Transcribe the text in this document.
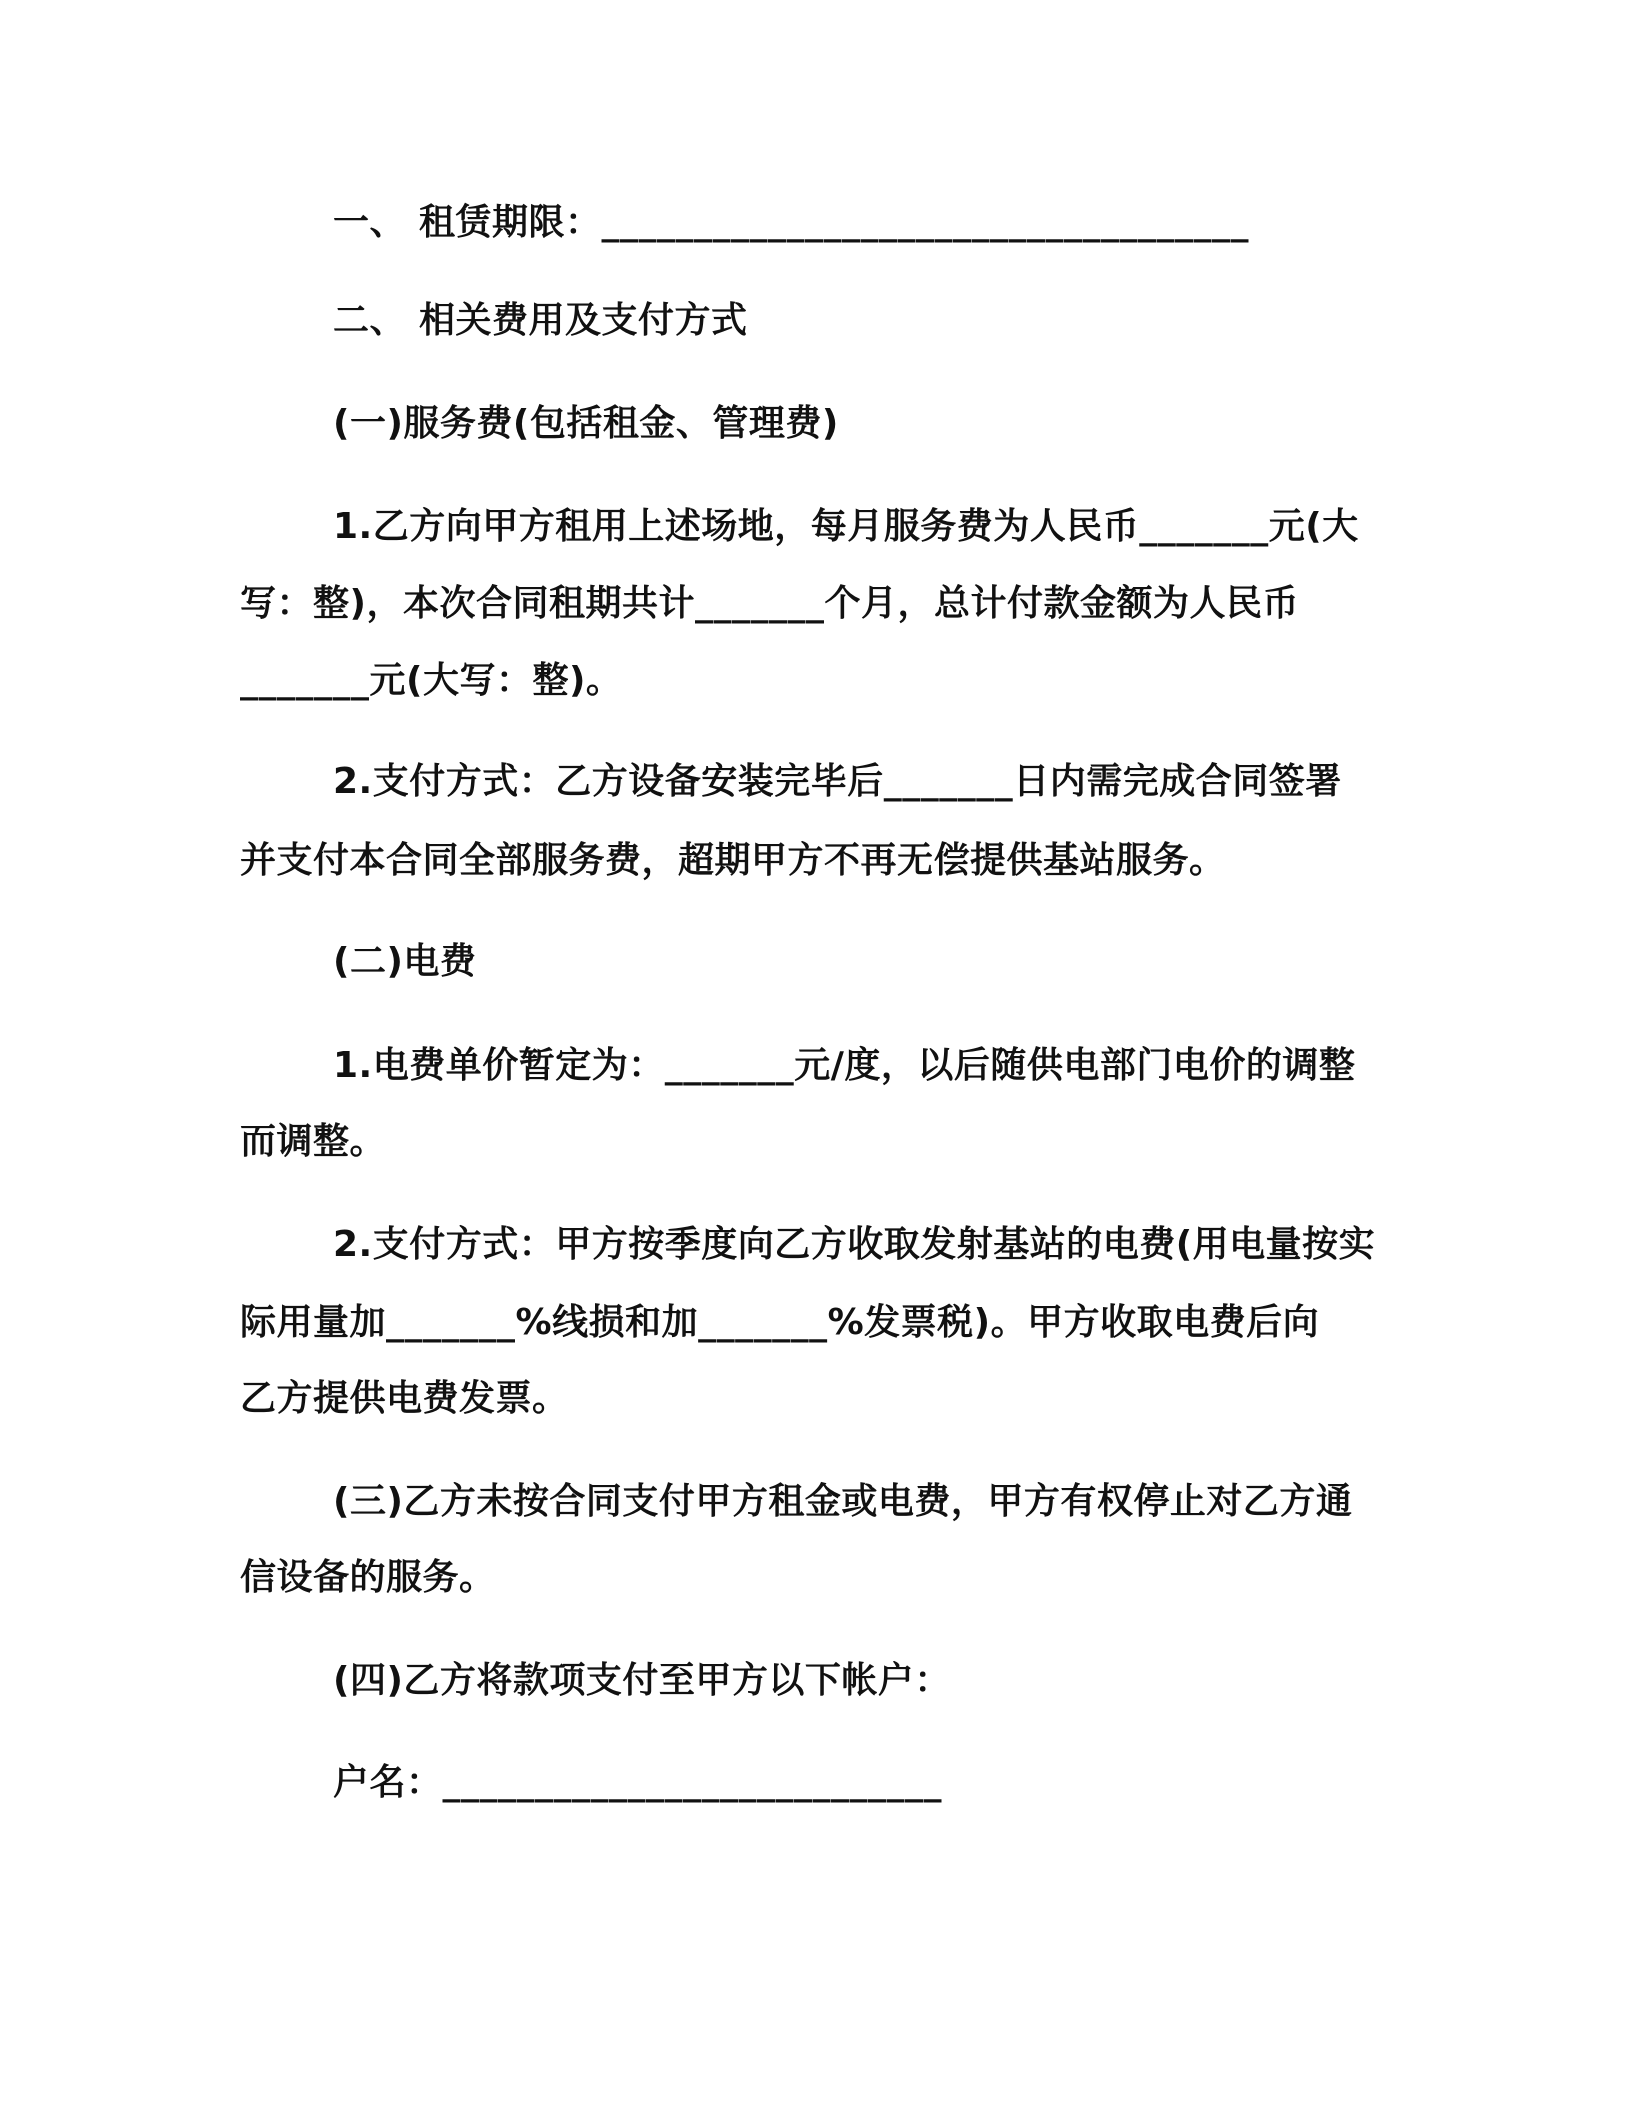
一、 租赁期限：___________________________________
二、 相关费用及支付方式
(一)服务费(包括租金、管理费)
1.乙方向甲方租用上述场地，每月服务费为人民币_______元(大
写：整)，本次合同租期共计_______个月，总计付款金额为人民币
_______元(大写：整)。
2.支付方式：乙方设备安装完毕后_______日内需完成合同签署
并支付本合同全部服务费，超期甲方不再无偿提供基站服务。
(二)电费
1.电费单价暂定为：_______元/度，以后随供电部门电价的调整
而调整。
2.支付方式：甲方按季度向乙方收取发射基站的电费(用电量按实
际用量加_______%线损和加_______%发票税)。甲方收取电费后向
乙方提供电费发票。
(三)乙方未按合同支付甲方租金或电费，甲方有权停止对乙方通
信设备的服务。
(四)乙方将款项支付至甲方以下帐户：
户名：___________________________
